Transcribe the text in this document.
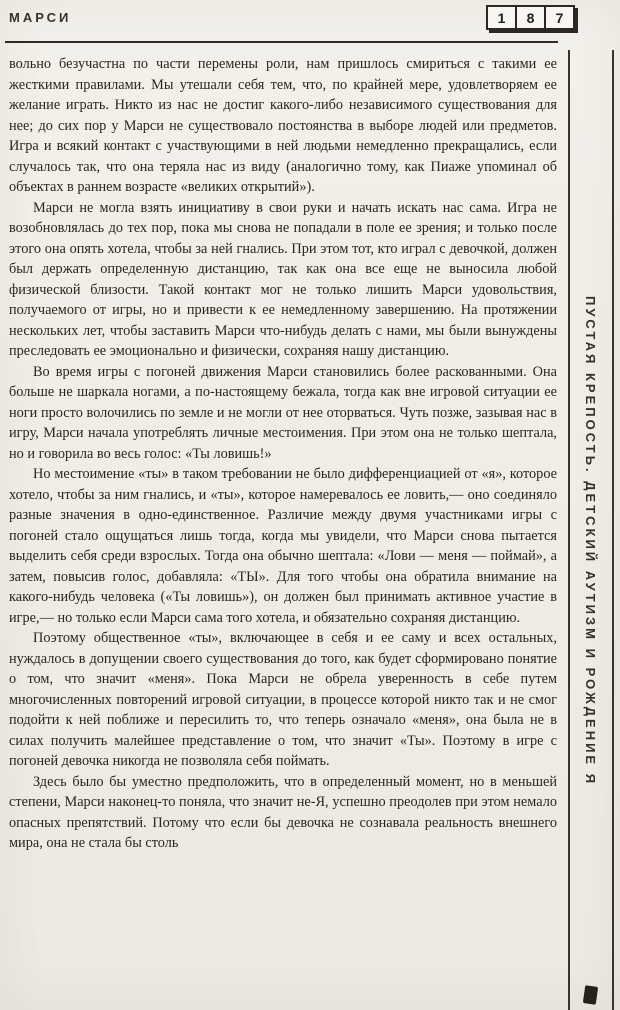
МАРСИ	1	8	7

вольно безучастна по части перемены роли, нам пришлось смириться с такими ее жесткими правилами. Мы утешали себя тем, что, по крайней мере, удовлетворяем ее желание играть. Никто из нас не достиг какого-либо независимого существования для нее; до сих пор у Марси не существовало постоянства в выборе людей или предметов. Игра и всякий контакт с участвующими в ней людьми немедленно прекращались, если случалось так, что она теряла нас из виду (аналогично тому, как Пиаже упоминал об объектах в раннем возрасте «великих открытий»).

Марси не могла взять инициативу в свои руки и начать искать нас сама. Игра не возобновлялась до тех пор, пока мы снова не попадали в поле ее зрения; и только после этого она опять хотела, чтобы за ней гнались. При этом тот, кто играл с девочкой, должен был держать определенную дистанцию, так как она все еще не выносила любой физической близости. Такой контакт мог не только лишить Марси удовольствия, получаемого от игры, но и привести к ее немедленному завершению. На протяжении нескольких лет, чтобы заставить Марси что-нибудь делать с нами, мы были вынуждены преследовать ее эмоционально и физически, сохраняя нашу дистанцию.

Во время игры с погоней движения Марси становились более раскованными. Она больше не шаркала ногами, а по-настоящему бежала, тогда как вне игровой ситуации ее ноги просто волочились по земле и не могли от нее оторваться. Чуть позже, зазывая нас в игру, Марси начала употреблять личные местоимения. При этом она не только шептала, но и говорила во весь голос: «Ты ловишь!»

Но местоимение «ты» в таком требовании не было дифференциацией от «я», которое хотело, чтобы за ним гнались, и «ты», которое намеревалось ее ловить,— оно соединяло разные значения в одно-единственное. Различие между двумя участниками игры с погоней стало ощущаться лишь тогда, когда мы увидели, что Марси снова пытается выделить себя среди взрослых. Тогда она обычно шептала: «Лови — меня — поймай», а затем, повысив голос, добавляла: «ТЫ». Для того чтобы она обратила внимание на какого-нибудь человека («Ты ловишь»), он должен был принимать активное участие в игре,— но только если Марси сама того хотела, и обязательно сохраняя дистанцию.

Поэтому общественное «ты», включающее в себя и ее саму и всех остальных, нуждалось в допущении своего существования до того, как будет сформировано понятие о том, что значит «меня». Пока Марси не обрела уверенность в себе путем многочисленных повторений игровой ситуации, в процессе которой никто так и не смог подойти к ней поближе и пересилить то, что теперь означало «меня», она была не в силах получить малейшее представление о том, что значит «Ты». Поэтому в игре с погоней девочка никогда не позволяла себя поймать.

Здесь было бы уместно предположить, что в определенный момент, но в меньшей степени, Марси наконец-то поняла, что значит не-Я, успешно преодолев при этом немало опасных препятствий. Потому что если бы девочка не сознавала реальность внешнего мира, она не стала бы столь

ПУСТАЯ КРЕПОСТЬ. ДЕТСКИЙ АУТИЗМ И РОЖДЕНИЕ Я
